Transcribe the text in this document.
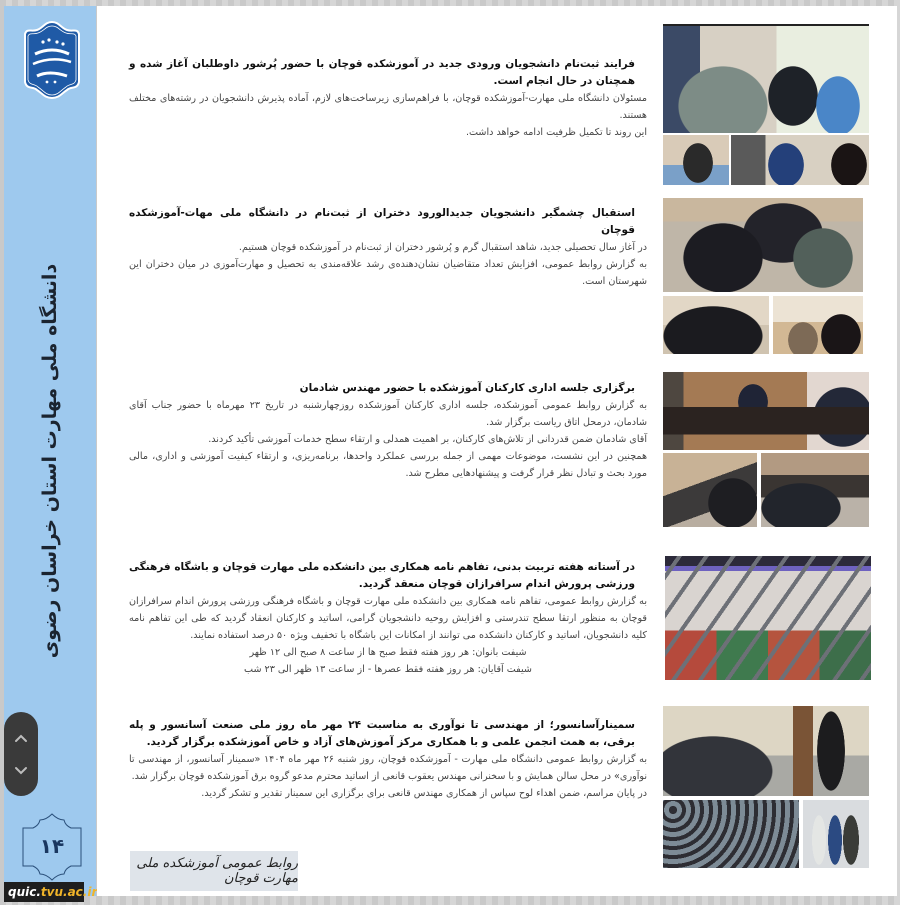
دانشگاه ملی مهارت استان خراسان رضوی
۱۴
quic.tvu.ac.ir
فرایند ثبت‌نام دانشجویان ورودی جدید در آموزشکده قوچان با حضور پُرشور داوطلبان آغاز شده و همچنان در حال انجام است.

مسئولان دانشگاه ملی مهارت-آموزشکده قوچان، با فراهم‌سازی زیرساخت‌های لازم، آماده پذیرش دانشجویان در رشته‌های مختلف هستند.

این روند تا تکمیل ظرفیت ادامه خواهد داشت.

استقبال چشمگیر دانشجویان جدیدالورود دختران از ثبت‌نام در دانشگاه ملی مهات-آموزشکده قوچان

در آغاز سال تحصیلی جدید، شاهد استقبال گرم و پُرشور دختران از ثبت‌نام در آموزشکده قوچان هستیم.

به گزارش روابط عمومی، افزایش تعداد متقاضیان نشان‌دهنده‌ی رشد علاقه‌مندی به تحصیل و مهارت‌آموزی در میان دختران این شهرستان است.

برگزاری جلسه اداری کارکنان آموزشکده با حضور مهندس شادمان

به گزارش روابط عمومی آموزشکده، جلسه اداری کارکنان آموزشکده روزچهارشنبه در تاریخ ۲۳ مهرماه با حضور جناب آقای شادمان، درمحل اتاق ریاست برگزار شد.

آقای شادمان ضمن قدردانی از تلاش‌های کارکنان، بر اهمیت همدلی و ارتقاء سطح خدمات آموزشی تأکید کردند.

همچنین در این نشست، موضوعات مهمی از جمله بررسی عملکرد واحدها، برنامه‌ریزی، و ارتقاء کیفیت آموزشی و اداری، مالی مورد بحث و تبادل نظر قرار گرفت و پیشنهادهایی مطرح شد.

در آستانه هفته تربیت بدنی، تفاهم نامه همکاری بین دانشکده ملی مهارت قوچان و باشگاه فرهنگی ورزشی پرورش اندام سرافرازان قوچان منعقد گردید.

به گزارش روابط عمومی، تفاهم نامه همکاری بین دانشکده ملی مهارت قوچان و باشگاه فرهنگی ورزشی پرورش اندام سرافرازان قوچان به منظور ارتقا سطح تندرستی و افزایش روحیه دانشجویان گرامی، اساتید و کارکنان انعقاد گردید که طی این تفاهم نامه کلیه دانشجویان، اساتید و کارکنان دانشکده می توانند از امکانات این باشگاه با تخفیف ویژه ۵۰ درصد استفاده نمایند.

شیفت بانوان: هر روز هفته فقط صبح ها از ساعت ۸ صبح الی ۱۲ ظهر

شیفت آقایان: هر روز هفته فقط عصرها - از ساعت ۱۳ ظهر الی ۲۳ شب

سمینارآسانسور؛ از مهندسی تا نوآوری به مناسبت ۲۴ مهر ماه روز ملی صنعت آسانسور و پله برقی، به همت انجمن علمی و با همکاری مرکز آموزش‌های آزاد و خاص آموزشکده برگزار گردید.

به گزارش روابط عمومی دانشگاه ملی مهارت - آموزشکده قوچان، روز شنبه ۲۶ مهر ماه ۱۴۰۴ «سمینار آسانسور، از مهندسی تا نوآوری» در محل سالن همایش و با سخنرانی مهندس یعقوب قانعی از اساتید محترم مدعو گروه برق آموزشکده قوچان برگزار شد.

در پایان مراسم، ضمن اهداء لوح سپاس از همکاری مهندس قانعی برای برگزاری این سمینار تقدیر و تشکر گردید.

روابط عمومی آموزشکده ملی مهارت قوچان
